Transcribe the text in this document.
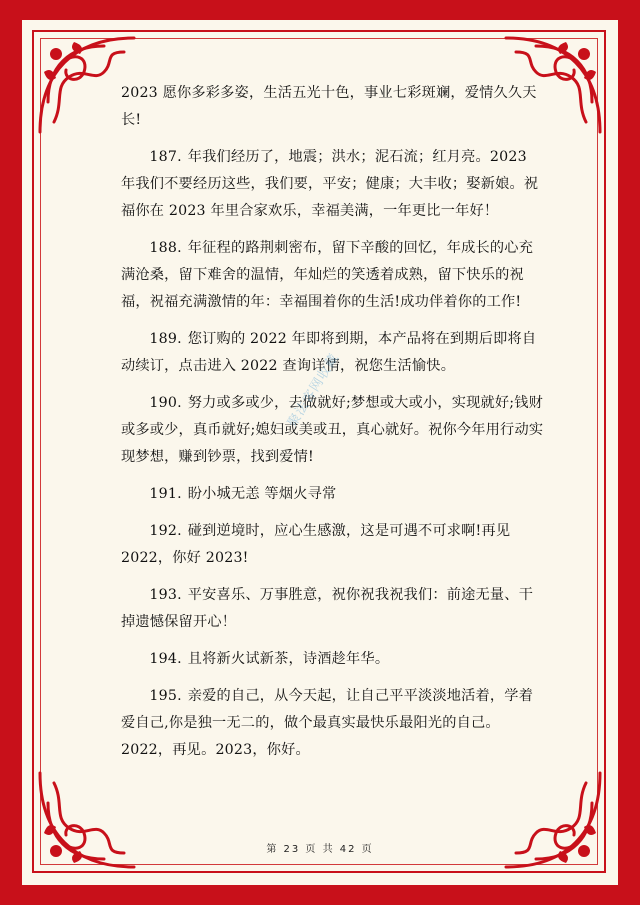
2023 愿你多彩多姿，生活五光十色，事业七彩斑斓，爱情久久天长!

187. 年我们经历了，地震；洪水；泥石流；红月亮。2023 年我们不要经历这些，我们要，平安；健康；大丰收；娶新娘。祝福你在 2023 年里合家欢乐，幸福美满，一年更比一年好！

188. 年征程的路荆刺密布，留下辛酸的回忆，年成长的心充满沧桑，留下难舍的温情，年灿烂的笑透着成熟，留下快乐的祝福，祝福充满激情的年：幸福围着你的生活!成功伴着你的工作!

189. 您订购的 2022 年即将到期，本产品将在到期后即将自动续订，点击进入 2022 查询详情，祝您生活愉快。

190. 努力或多或少，去做就好;梦想或大或小，实现就好;钱财或多或少，真币就好;媳妇或美或丑，真心就好。祝你今年用行动实现梦想，赚到钞票，找到爱情!

191. 盼小城无恙 等烟火寻常

192. 碰到逆境时，应心生感激，这是可遇不可求啊!再见 2022，你好 2023!

193. 平安喜乐、万事胜意，祝你祝我祝我们：前途无量、干掉遗憾保留开心！

194. 且将新火试新茶，诗酒趁年华。

195. 亲爱的自己，从今天起，让自己平平淡淡地活着，学着爱自己,你是独一无二的，做个最真实最快乐最阳光的自己。2022，再见。2023，你好。

聚法客网收藏
第 23 页 共 42 页
